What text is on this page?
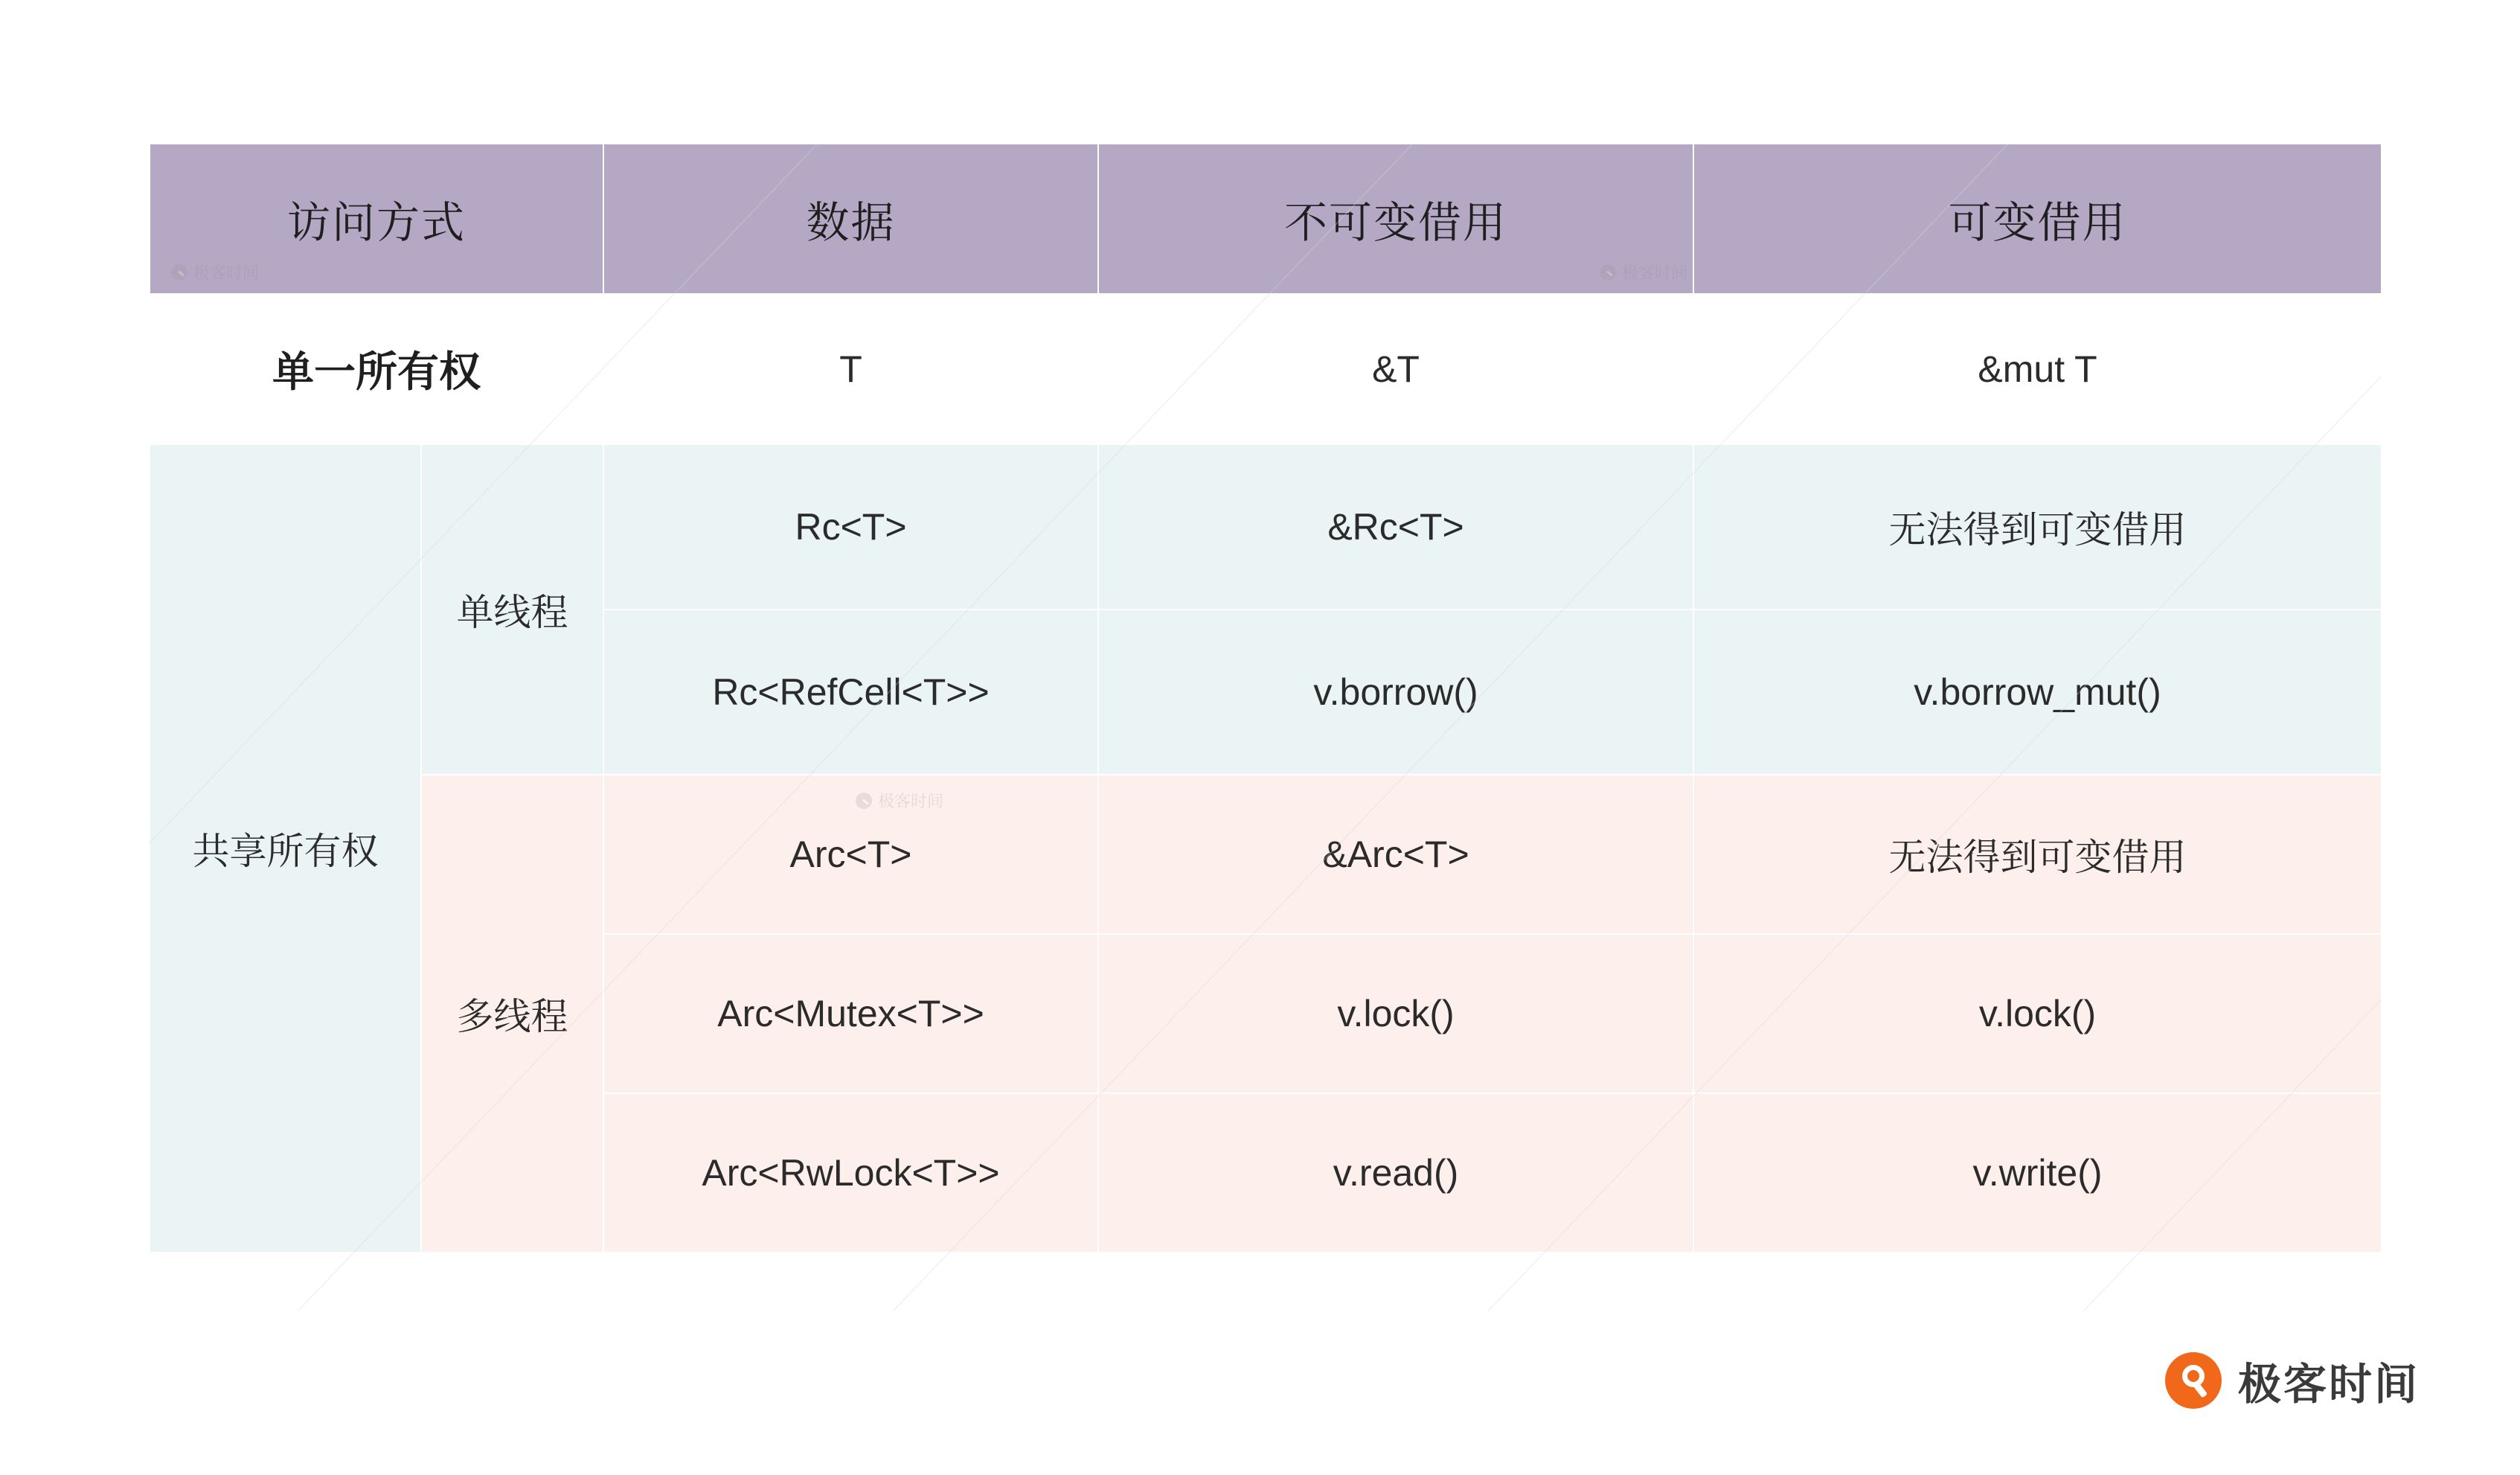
访问方式		数据	不可变借用	可变借用
单一所有权		T	&T	&mut T
共享所有权	单线程	Rc<T>	&Rc<T>	无法得到可变借用
		Rc<RefCell<T>>	v.borrow()	v.borrow_mut()
	多线程	Arc<T>	&Arc<T>	无法得到可变借用
		Arc<Mutex<T>>	v.lock()	v.lock()
		Arc<RwLock<T>>	v.read()	v.write()
极客时间	极客时间
极客时间
极客时间
